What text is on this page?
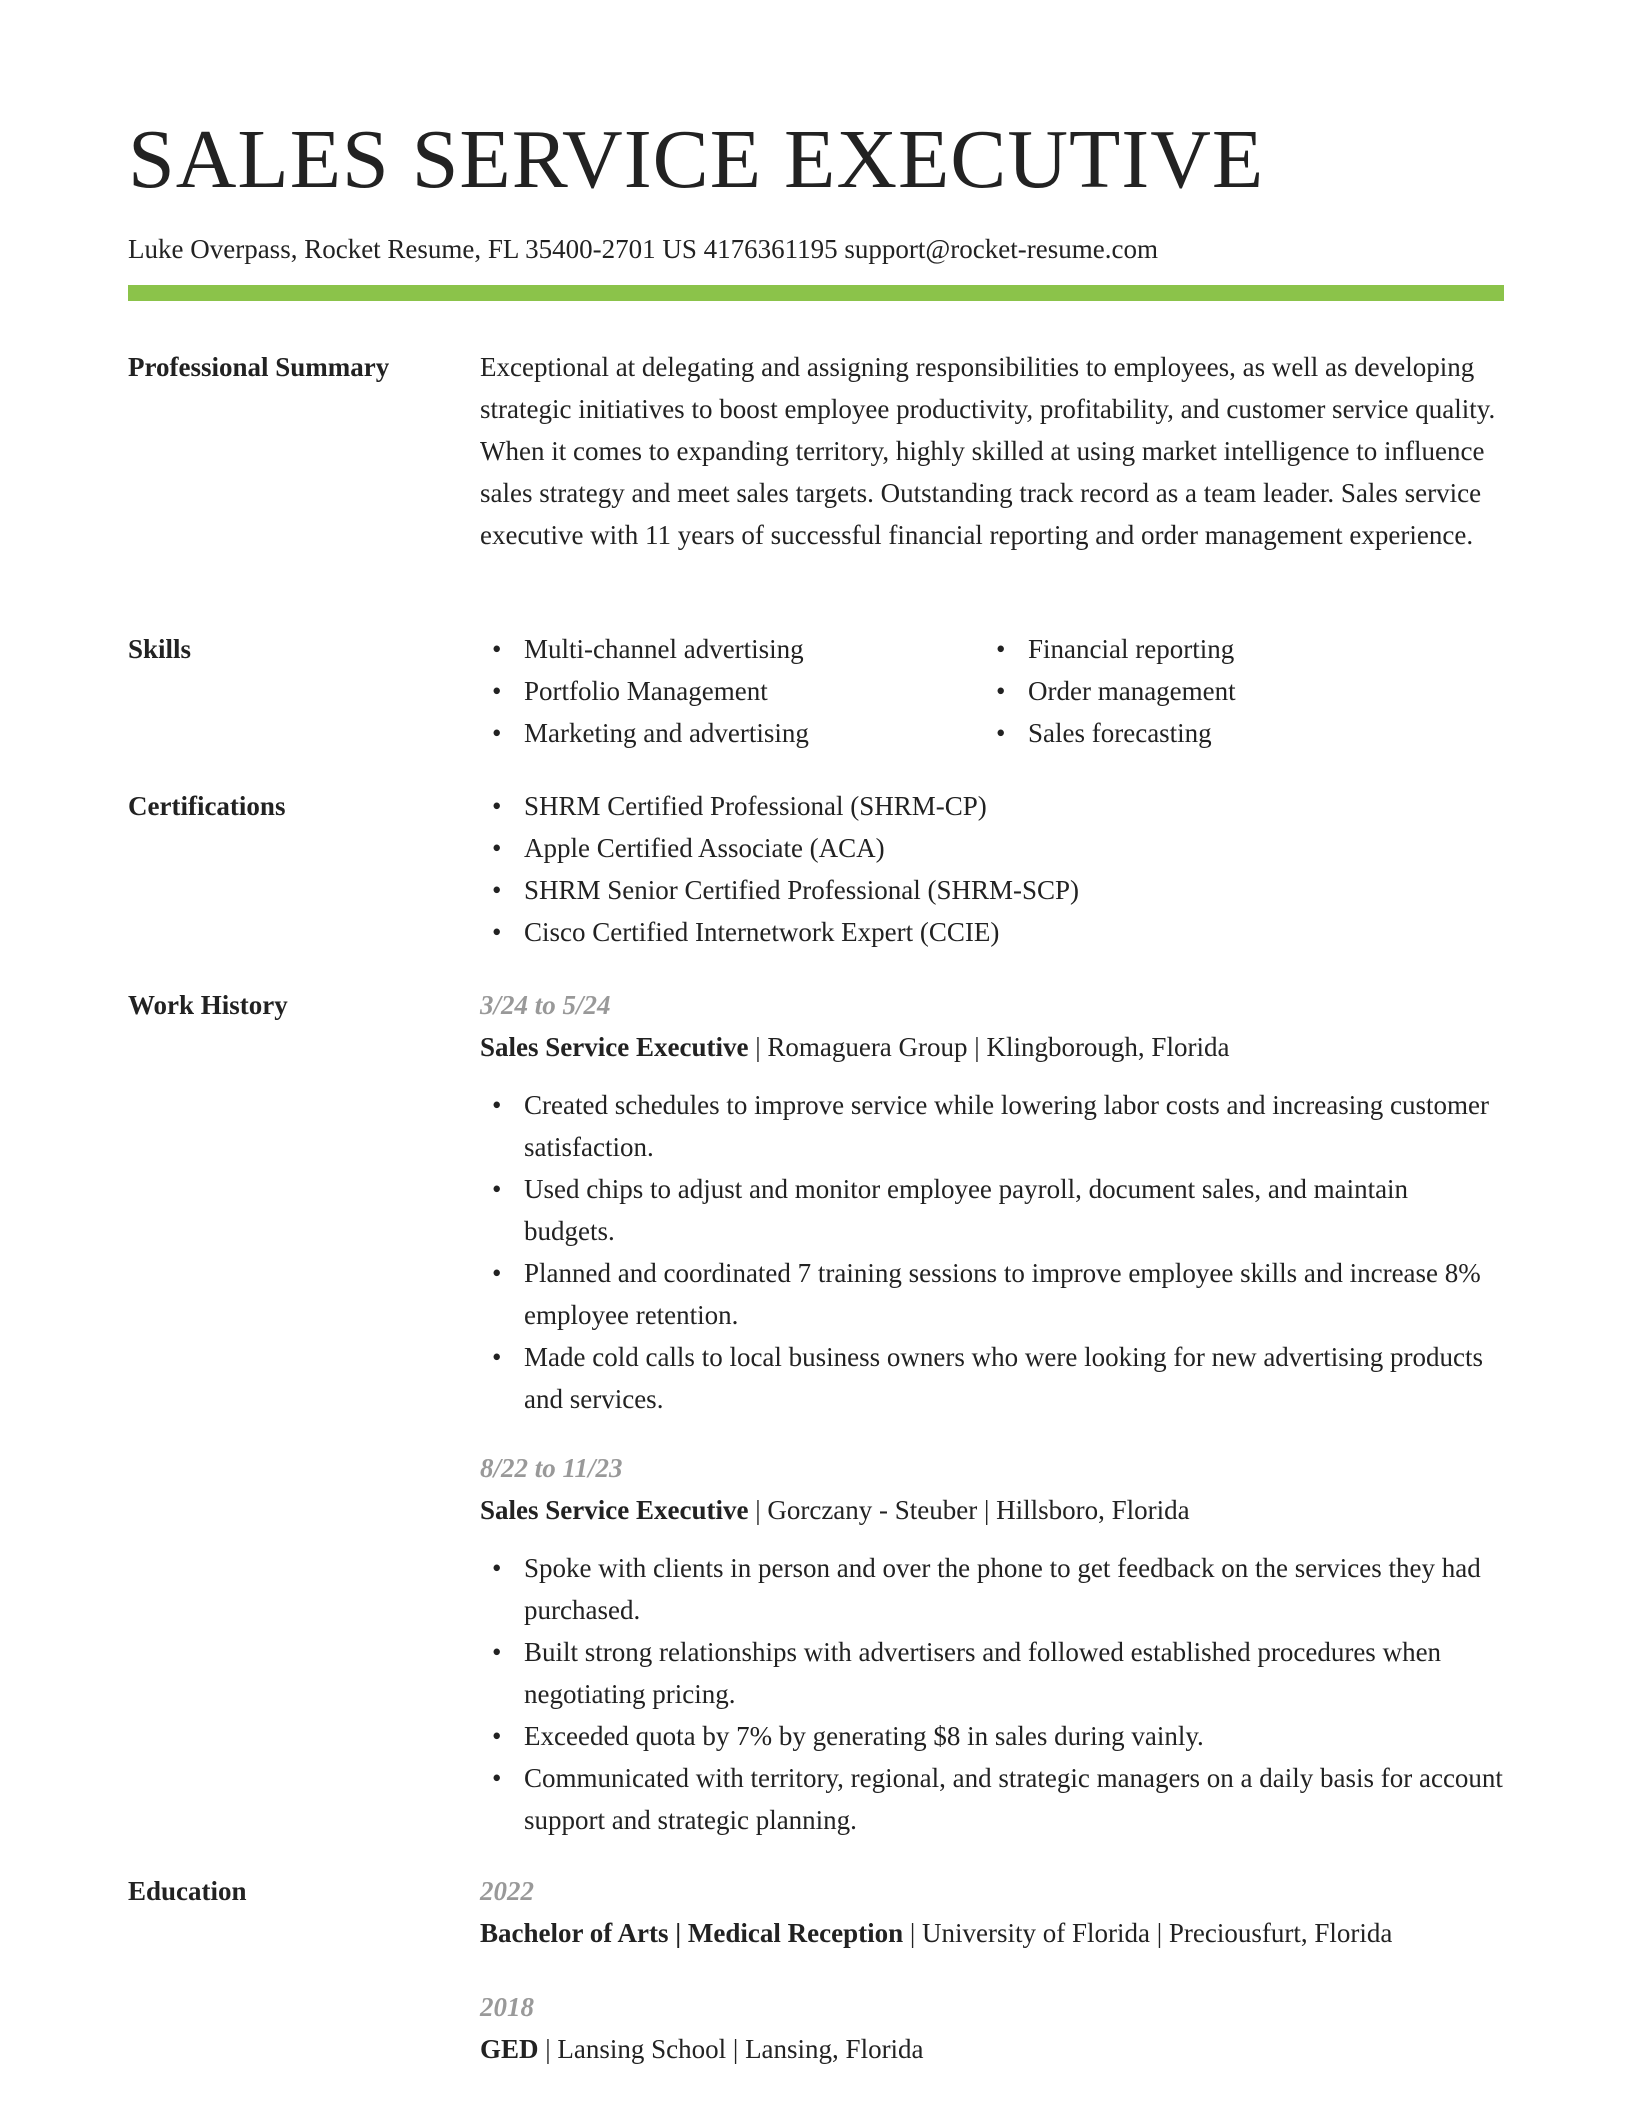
SALES SERVICE EXECUTIVE
Luke Overpass, Rocket Resume, FL 35400-2701 US 4176361195 support@rocket-resume.com
Professional Summary	Exceptional at delegating and assigning responsibilities to employees, as well as developing strategic initiatives to boost employee productivity, profitability, and customer service quality. When it comes to expanding territory, highly skilled at using market intelligence to influence sales strategy and meet sales targets. Outstanding track record as a team leader. Sales service executive with 11 years of successful financial reporting and order management experience.

Skills	• Multi-channel advertising
• Portfolio Management
• Marketing and advertising
• Financial reporting
• Order management
• Sales forecasting
Certifications	• SHRM Certified Professional (SHRM-CP)
• Apple Certified Associate (ACA)
• SHRM Senior Certified Professional (SHRM-SCP)
• Cisco Certified Internetwork Expert (CCIE)
Work History	3/24 to 5/24
Sales Service Executive | Romaguera Group | Klingborough, Florida
• Created schedules to improve service while lowering labor costs and increasing customer satisfaction.
• Used chips to adjust and monitor employee payroll, document sales, and maintain budgets.
• Planned and coordinated 7 training sessions to improve employee skills and increase 8% employee retention.
• Made cold calls to local business owners who were looking for new advertising products and services.
8/22 to 11/23
Sales Service Executive | Gorczany - Steuber | Hillsboro, Florida
• Spoke with clients in person and over the phone to get feedback on the services they had purchased.
• Built strong relationships with advertisers and followed established procedures when negotiating pricing.
• Exceeded quota by 7% by generating $8 in sales during vainly.
• Communicated with territory, regional, and strategic managers on a daily basis for account support and strategic planning.
Education	2022
Bachelor of Arts | Medical Reception | University of Florida | Preciousfurt, Florida
2018
GED | Lansing School | Lansing, Florida
